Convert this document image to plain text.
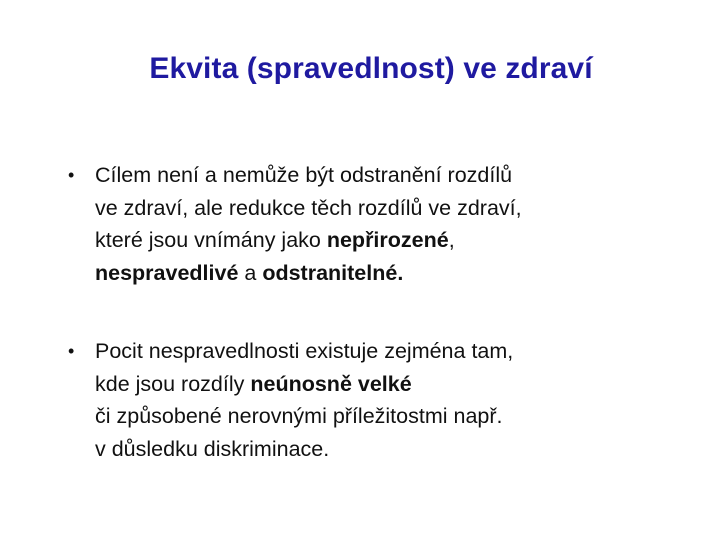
Ekvita (spravedlnost) ve zdraví
• Cílem není a nemůže být odstranění rozdílů
ve zdraví, ale redukce těch rozdílů ve zdraví,
které jsou vnímány jako nepřirozené,
nespravedlivé a odstranitelné.
• Pocit nespravedlnosti existuje zejména tam,
kde jsou rozdíly neúnosně velké
či způsobené nerovnými příležitostmi např.
v důsledku diskriminace.
